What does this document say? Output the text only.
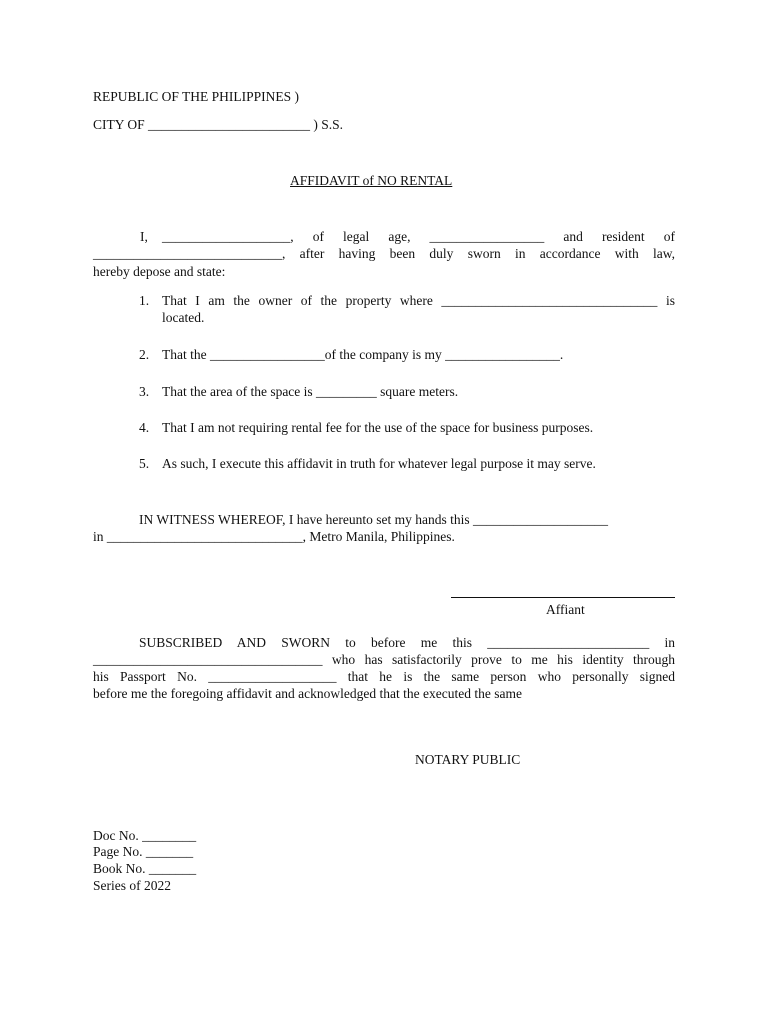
REPUBLIC OF THE PHILIPPINES )
CITY OF ________________________ ) S.S.
AFFIDAVIT of NO RENTAL
I, ___________________, of legal age, _________________ and resident of
____________________________, after having been duly sworn in accordance with law,
hereby depose and state:
1. That I am the owner of the property where ________________________________ is
located.
2. That the _________________of the company is my _________________.
3. That the area of the space is _________ square meters.
4. That I am not requiring rental fee for the use of the space for business purposes.
5. As such, I execute this affidavit in truth for whatever legal purpose it may serve.
IN WITNESS WHEREOF, I have hereunto set my hands this ____________________
in _____________________________, Metro Manila, Philippines.
Affiant
SUBSCRIBED AND SWORN to before me this ________________________ in
__________________________________ who has satisfactorily prove to me his identity through
his Passport No. ___________________ that he is the same person who personally signed
before me the foregoing affidavit and acknowledged that the executed the same
NOTARY PUBLIC
Doc No. ________
Page No. _______
Book No. _______
Series of 2022
